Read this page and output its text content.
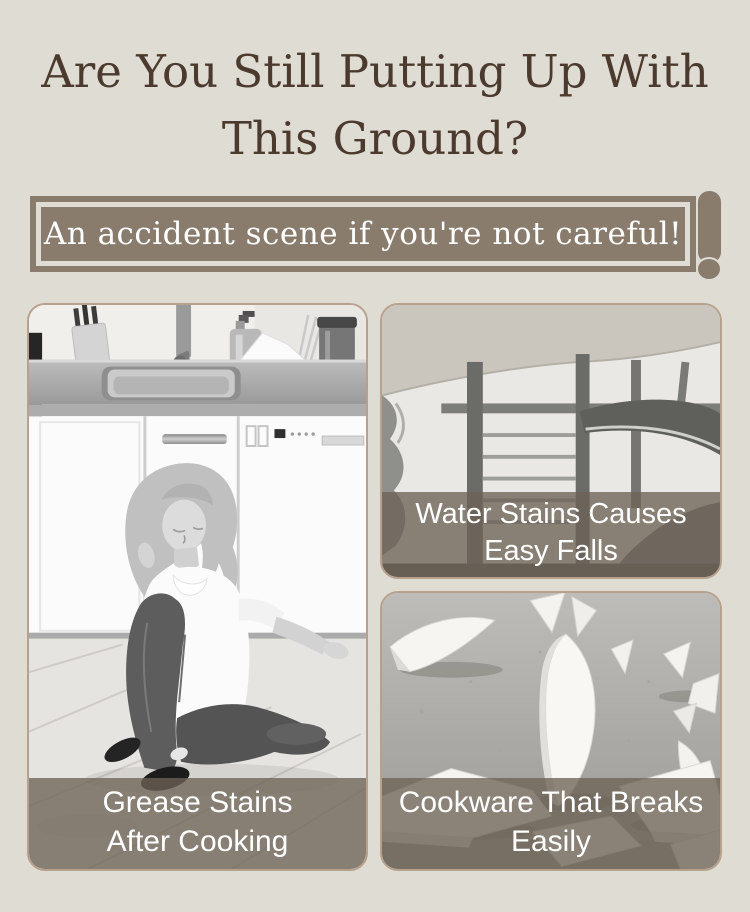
Are You Still Putting Up With
This Ground?
An accident scene if you're not careful!
Grease Stains
After Cooking
Water Stains Causes
Easy Falls
Cookware That Breaks
Easily
